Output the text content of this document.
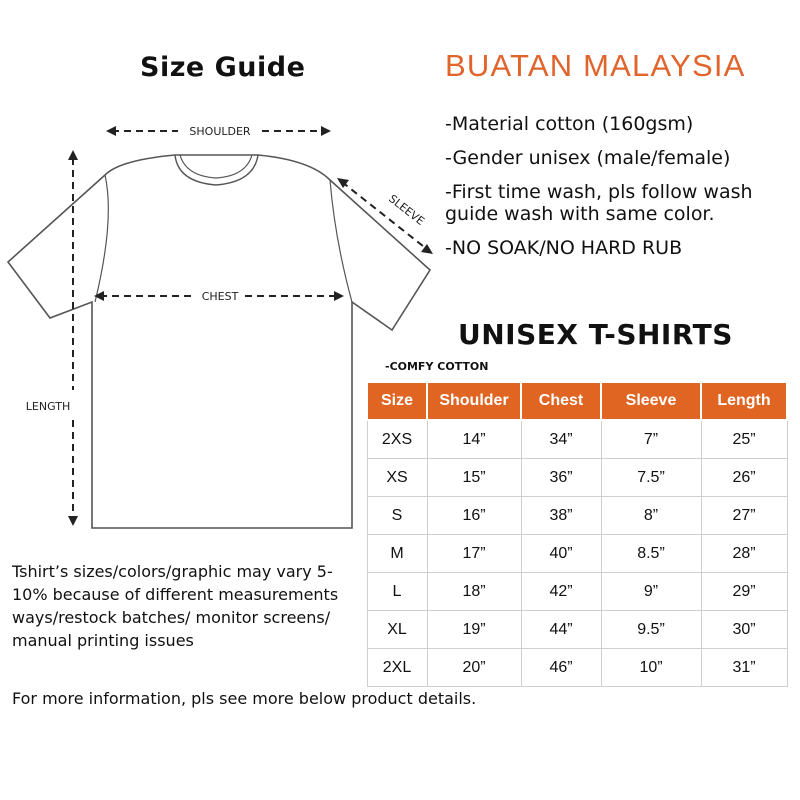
Size Guide	BUATAN MALAYSIA
-Material cotton (160gsm)
-Gender unisex (male/female)
-First time wash, pls follow wash
guide wash with same color.
-NO SOAK/NO HARD RUB
SHOULDER
SLEEVE
CHEST
LENGTH
UNISEX T-SHIRTS
-COMFY COTTON
Size	Shoulder	Chest	Sleeve	Length
2XS	14”	34”	7”	25”
XS	15”	36”	7.5”	26”
S	16”	38”	8”	27”
M	17”	40”	8.5”	28”
L	18”	42”	9”	29”
XL	19”	44”	9.5”	30”
2XL	20”	46”	10”	31”
Tshirt’s sizes/colors/graphic may vary 5-10% because of different measurements ways/restock batches/ monitor screens/ manual printing issues
For more information, pls see more below product details.
